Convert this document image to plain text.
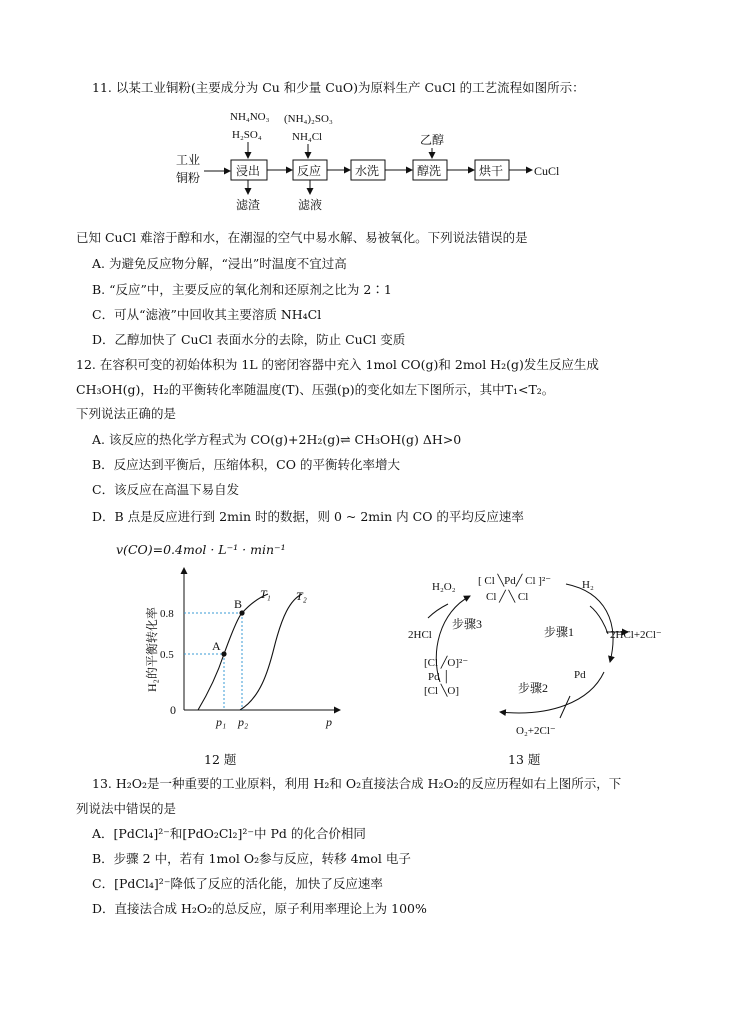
11. 以某工业铜粉(主要成分为 Cu 和少量 CuO)为原料生产 CuCl 的工艺流程如图所示：
NH₄NO₃
H₂SO₄
(NH₄)₂SO₃
NH₄Cl	乙醇
工业
铜粉	浸出	反应	水洗	醇洗	烘干	CuCl
滤渣	滤液
已知 CuCl 难溶于醇和水，在潮湿的空气中易水解、易被氧化。下列说法错误的是
A. 为避免反应物分解，“浸出”时温度不宜过高
B. “反应”中，主要反应的氧化剂和还原剂之比为 2∶1
C．可从“滤液”中回收其主要溶质 NH₄Cl
D．乙醇加快了 CuCl 表面水分的去除，防止 CuCl 变质
12. 在容积可变的初始体积为 1L 的密闭容器中充入 1mol CO(g)和 2mol H₂(g)发生反应生成
CH₃OH(g)，H₂的平衡转化率随温度(T)、压强(p)的变化如左下图所示，其中T₁<T₂。
下列说法正确的是
A. 该反应的热化学方程式为 CO(g)+2H₂(g)⇌ CH₃OH(g) ΔH>0
B．反应达到平衡后，压缩体积，CO 的平衡转化率增大
C．该反应在高温下易自发
D．B 点是反应进行到 2min 时的数据，则 0 ~ 2min 内 CO 的平均反应速率
v(CO)=0.4mol · L⁻¹ · min⁻¹
0
p
H₂的平衡转化率 0.8
0.5
A
B
T₁ T₂
p₁ p₂
12 题
[ Cl ╲Pd╱ Cl ]²⁻
Cl ╱ ╲ Cl
H₂O₂	H₂
2HCl
步骤3
步骤1	2HCl+2Cl⁻
[Cl ╱O]²⁻
Pd │
[Cl ╲O]
Pd
步骤2
O₂+2Cl⁻
13 题
13. H₂O₂是一种重要的工业原料，利用 H₂和 O₂直接法合成 H₂O₂的反应历程如右上图所示，下
列说法中错误的是
A．[PdCl₄]²⁻和[PdO₂Cl₂]²⁻中 Pd 的化合价相同
B．步骤 2 中，若有 1mol O₂参与反应，转移 4mol 电子
C．[PdCl₄]²⁻降低了反应的活化能，加快了反应速率
D．直接法合成 H₂O₂的总反应，原子利用率理论上为 100%
